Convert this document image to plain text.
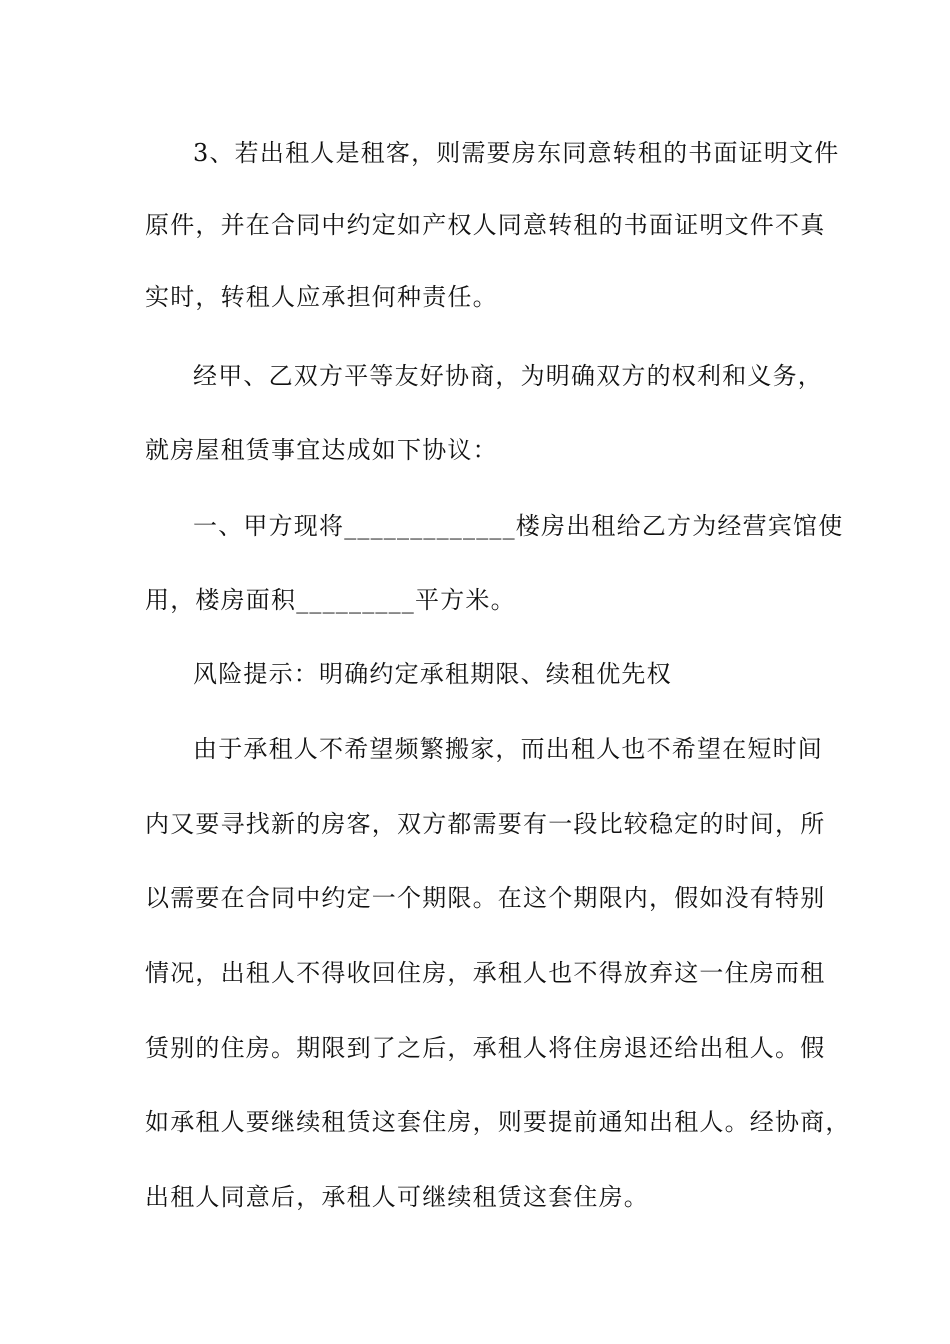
3、若出租人是租客，则需要房东同意转租的书面证明文件
原件，并在合同中约定如产权人同意转租的书面证明文件不真
实时，转租人应承担何种责任。
经甲、乙双方平等友好协商，为明确双方的权利和义务，
就房屋租赁事宜达成如下协议：
一、甲方现将_____________楼房出租给乙方为经营宾馆使
用，楼房面积_________平方米。
风险提示：明确约定承租期限、续租优先权
由于承租人不希望频繁搬家，而出租人也不希望在短时间
内又要寻找新的房客，双方都需要有一段比较稳定的时间，所
以需要在合同中约定一个期限。在这个期限内，假如没有特别
情况，出租人不得收回住房，承租人也不得放弃这一住房而租
赁别的住房。期限到了之后，承租人将住房退还给出租人。假
如承租人要继续租赁这套住房，则要提前通知出租人。经协商，
出租人同意后，承租人可继续租赁这套住房。
